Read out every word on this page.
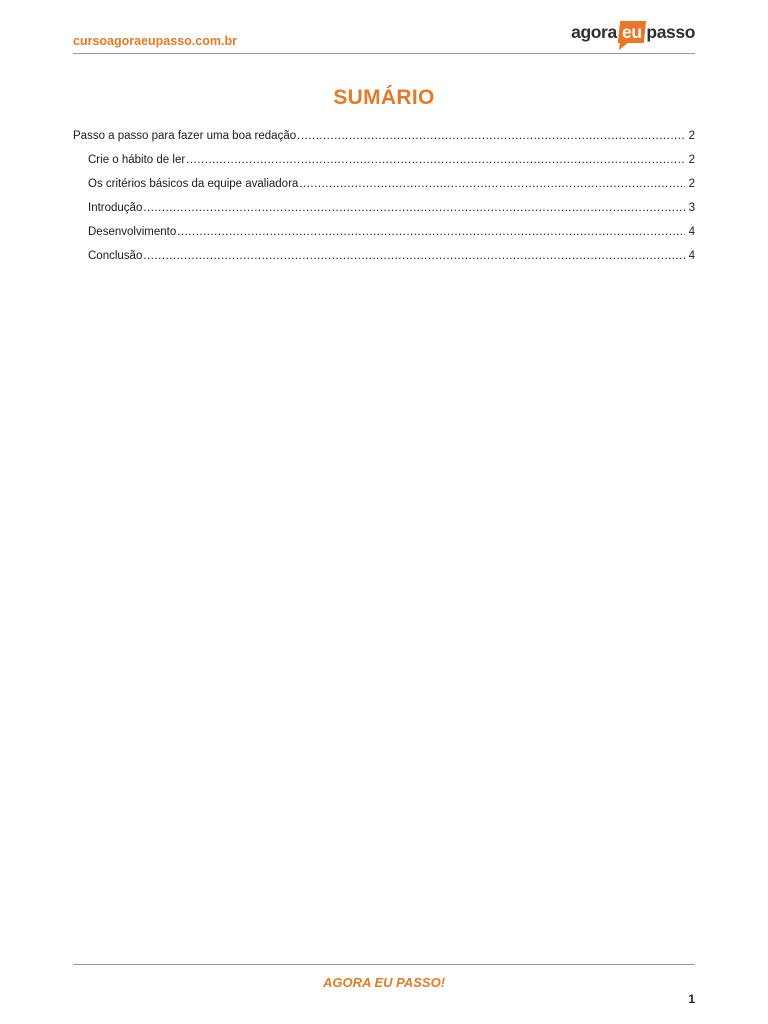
cursoagoraeupasso.com.br	agora eu passo
SUMÁRIO
Passo a passo para fazer uma boa redação .....	2
Crie o hábito de ler .....	2
Os critérios básicos da equipe avaliadora .....	2
Introdução .....	3
Desenvolvimento .....	4
Conclusão .....	4
AGORA EU PASSO!
1
